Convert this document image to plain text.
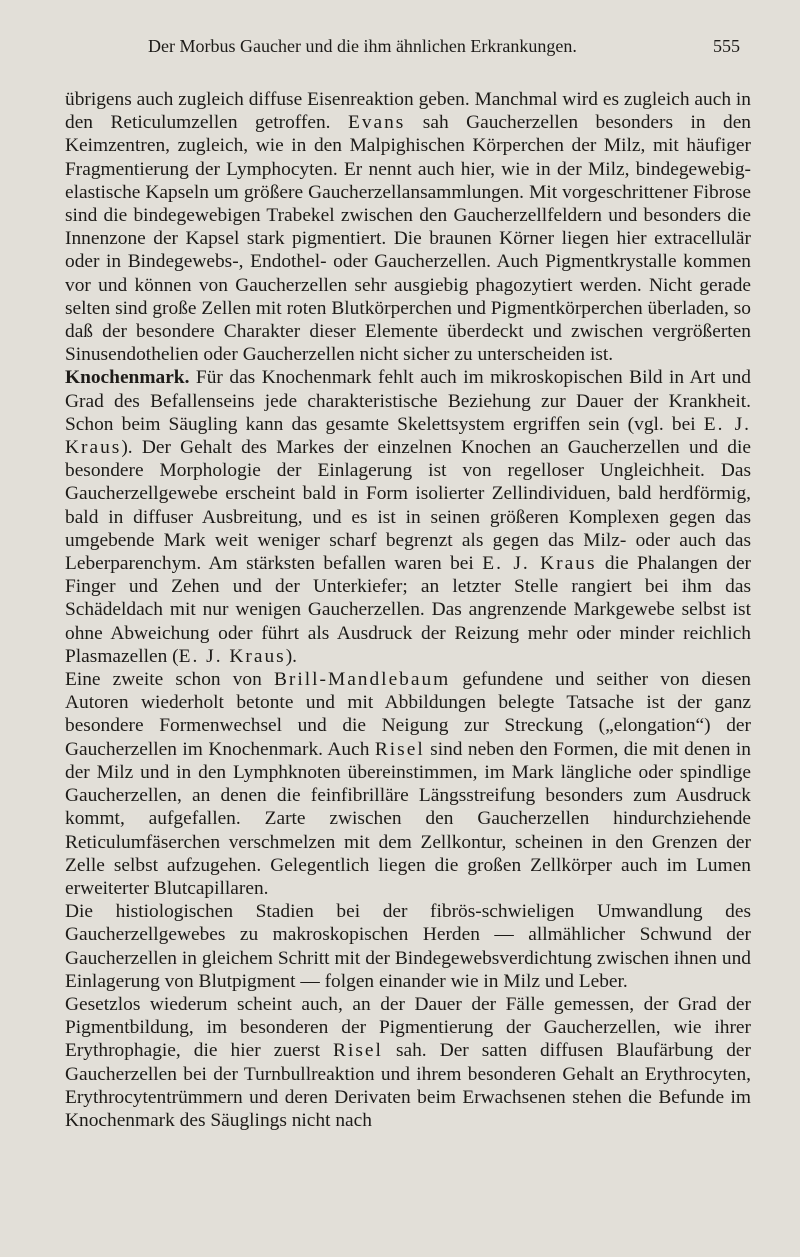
Der Morbus Gaucher und die ihm ähnlichen Erkrankungen.	555

übrigens auch zugleich diffuse Eisenreaktion geben. Manchmal wird es zugleich auch in den Reticulumzellen getroffen. Evans sah Gaucherzellen besonders in den Keimzentren, zugleich, wie in den Malpighischen Körperchen der Milz, mit häufiger Fragmentierung der Lymphocyten. Er nennt auch hier, wie in der Milz, bindegewebig-elastische Kapseln um größere Gaucherzellansammlungen. Mit vorgeschrittener Fibrose sind die bindegewebigen Trabekel zwischen den Gaucherzellfeldern und besonders die Innenzone der Kapsel stark pigmentiert. Die braunen Körner liegen hier extracellulär oder in Bindegewebs-, Endothel- oder Gaucherzellen. Auch Pigmentkrystalle kommen vor und können von Gaucherzellen sehr ausgiebig phagozytiert werden. Nicht gerade selten sind große Zellen mit roten Blutkörperchen und Pigmentkörperchen überladen, so daß der besondere Charakter dieser Elemente überdeckt und zwischen vergrößerten Sinusendothelien oder Gaucherzellen nicht sicher zu unterscheiden ist.

Knochenmark. Für das Knochenmark fehlt auch im mikroskopischen Bild in Art und Grad des Befallenseins jede charakteristische Beziehung zur Dauer der Krankheit. Schon beim Säugling kann das gesamte Skelettsystem ergriffen sein (vgl. bei E. J. Kraus). Der Gehalt des Markes der einzelnen Knochen an Gaucherzellen und die besondere Morphologie der Einlagerung ist von regelloser Ungleichheit. Das Gaucherzellgewebe erscheint bald in Form isolierter Zellindividuen, bald herdförmig, bald in diffuser Ausbreitung, und es ist in seinen größeren Komplexen gegen das umgebende Mark weit weniger scharf begrenzt als gegen das Milz- oder auch das Leberparenchym. Am stärksten befallen waren bei E. J. Kraus die Phalangen der Finger und Zehen und der Unterkiefer; an letzter Stelle rangiert bei ihm das Schädeldach mit nur wenigen Gaucherzellen. Das angrenzende Markgewebe selbst ist ohne Abweichung oder führt als Ausdruck der Reizung mehr oder minder reichlich Plasmazellen (E. J. Kraus).

Eine zweite schon von Brill-Mandlebaum gefundene und seither von diesen Autoren wiederholt betonte und mit Abbildungen belegte Tatsache ist der ganz besondere Formenwechsel und die Neigung zur Streckung („elongation“) der Gaucherzellen im Knochenmark. Auch Risel sind neben den Formen, die mit denen in der Milz und in den Lymphknoten übereinstimmen, im Mark längliche oder spindlige Gaucherzellen, an denen die feinfibrilläre Längsstreifung besonders zum Ausdruck kommt, aufgefallen. Zarte zwischen den Gaucherzellen hindurchziehende Reticulumfäserchen verschmelzen mit dem Zellkontur, scheinen in den Grenzen der Zelle selbst aufzugehen. Gelegentlich liegen die großen Zellkörper auch im Lumen erweiterter Blutcapillaren.

Die histiologischen Stadien bei der fibrös-schwieligen Umwandlung des Gaucherzellgewebes zu makroskopischen Herden — allmählicher Schwund der Gaucherzellen in gleichem Schritt mit der Bindegewebsverdichtung zwischen ihnen und Einlagerung von Blutpigment — folgen einander wie in Milz und Leber.

Gesetzlos wiederum scheint auch, an der Dauer der Fälle gemessen, der Grad der Pigmentbildung, im besonderen der Pigmentierung der Gaucherzellen, wie ihrer Erythrophagie, die hier zuerst Risel sah. Der satten diffusen Blaufärbung der Gaucherzellen bei der Turnbullreaktion und ihrem besonderen Gehalt an Erythrocyten, Erythrocytentrümmern und deren Derivaten beim Erwachsenen stehen die Befunde im Knochenmark des Säuglings nicht nach
